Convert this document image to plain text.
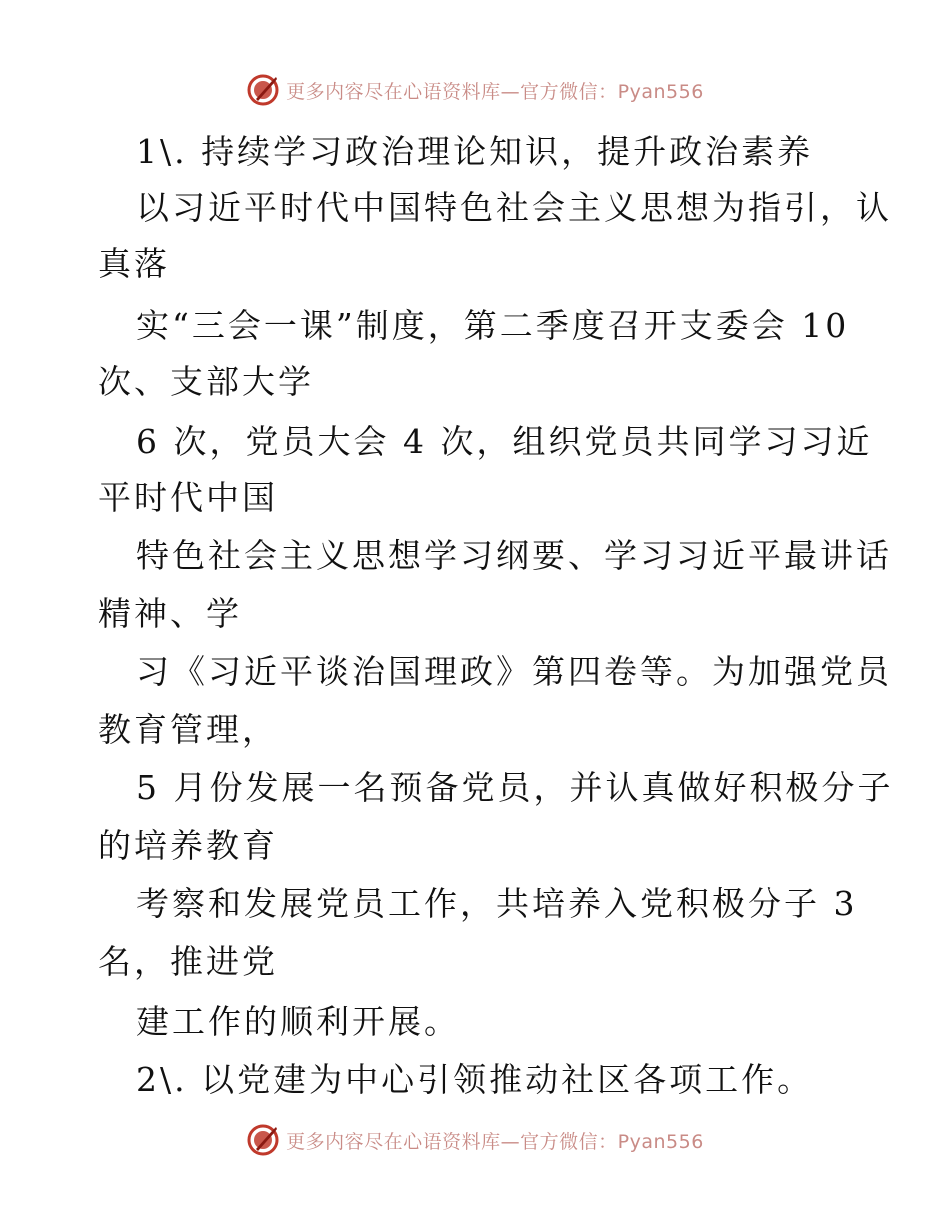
更多内容尽在心语资料库—官方微信：Pyan556
1\. 持续学习政治理论知识，提升政治素养
以习近平时代中国特色社会主义思想为指引，认
真落
实“三会一课”制度，第二季度召开支委会 10
次、支部大学
6 次，党员大会 4 次，组织党员共同学习习近
平时代中国
特色社会主义思想学习纲要、学习习近平最讲话
精神、学
习《习近平谈治国理政》第四卷等。为加强党员
教育管理，
5 月份发展一名预备党员，并认真做好积极分子
的培养教育
考察和发展党员工作，共培养入党积极分子 3
名，推进党
建工作的顺利开展。
2\. 以党建为中心引领推动社区各项工作。
更多内容尽在心语资料库—官方微信：Pyan556
